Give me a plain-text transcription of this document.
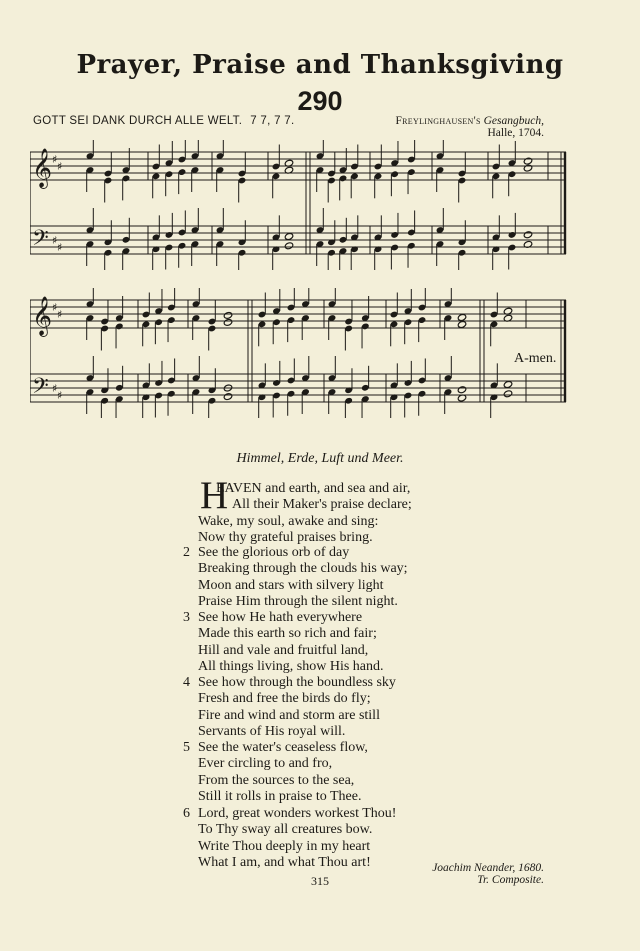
Prayer, Praise and Thanksgiving
290
GOTT SEI DANK DURCH ALLE WELT. 7 7, 7 7.	Freylinghausen's Gesangbuch,
Halle, 1704.
𝄞
𝄢
♯
♯
♯
♯
𝄞
𝄢
♯
♯
♯
♯
A-men.
Himmel, Erde, Luft und Meer.
H
EAVEN and earth, and sea and air,
All their Maker's praise declare;
Wake, my soul, awake and sing:
Now thy grateful praises bring.
2 See the glorious orb of day
Breaking through the clouds his way;
Moon and stars with silvery light
Praise Him through the silent night.
3 See how He hath everywhere
Made this earth so rich and fair;
Hill and vale and fruitful land,
All things living, show His hand.
4 See how through the boundless sky
Fresh and free the birds do fly;
Fire and wind and storm are still
Servants of His royal will.
5 See the water's ceaseless flow,
Ever circling to and fro,
From the sources to the sea,
Still it rolls in praise to Thee.
6 Lord, great wonders workest Thou!
To Thy sway all creatures bow.
Write Thou deeply in my heart
What I am, and what Thou art!	Joachim Neander, 1680.
Tr. Composite.
315
